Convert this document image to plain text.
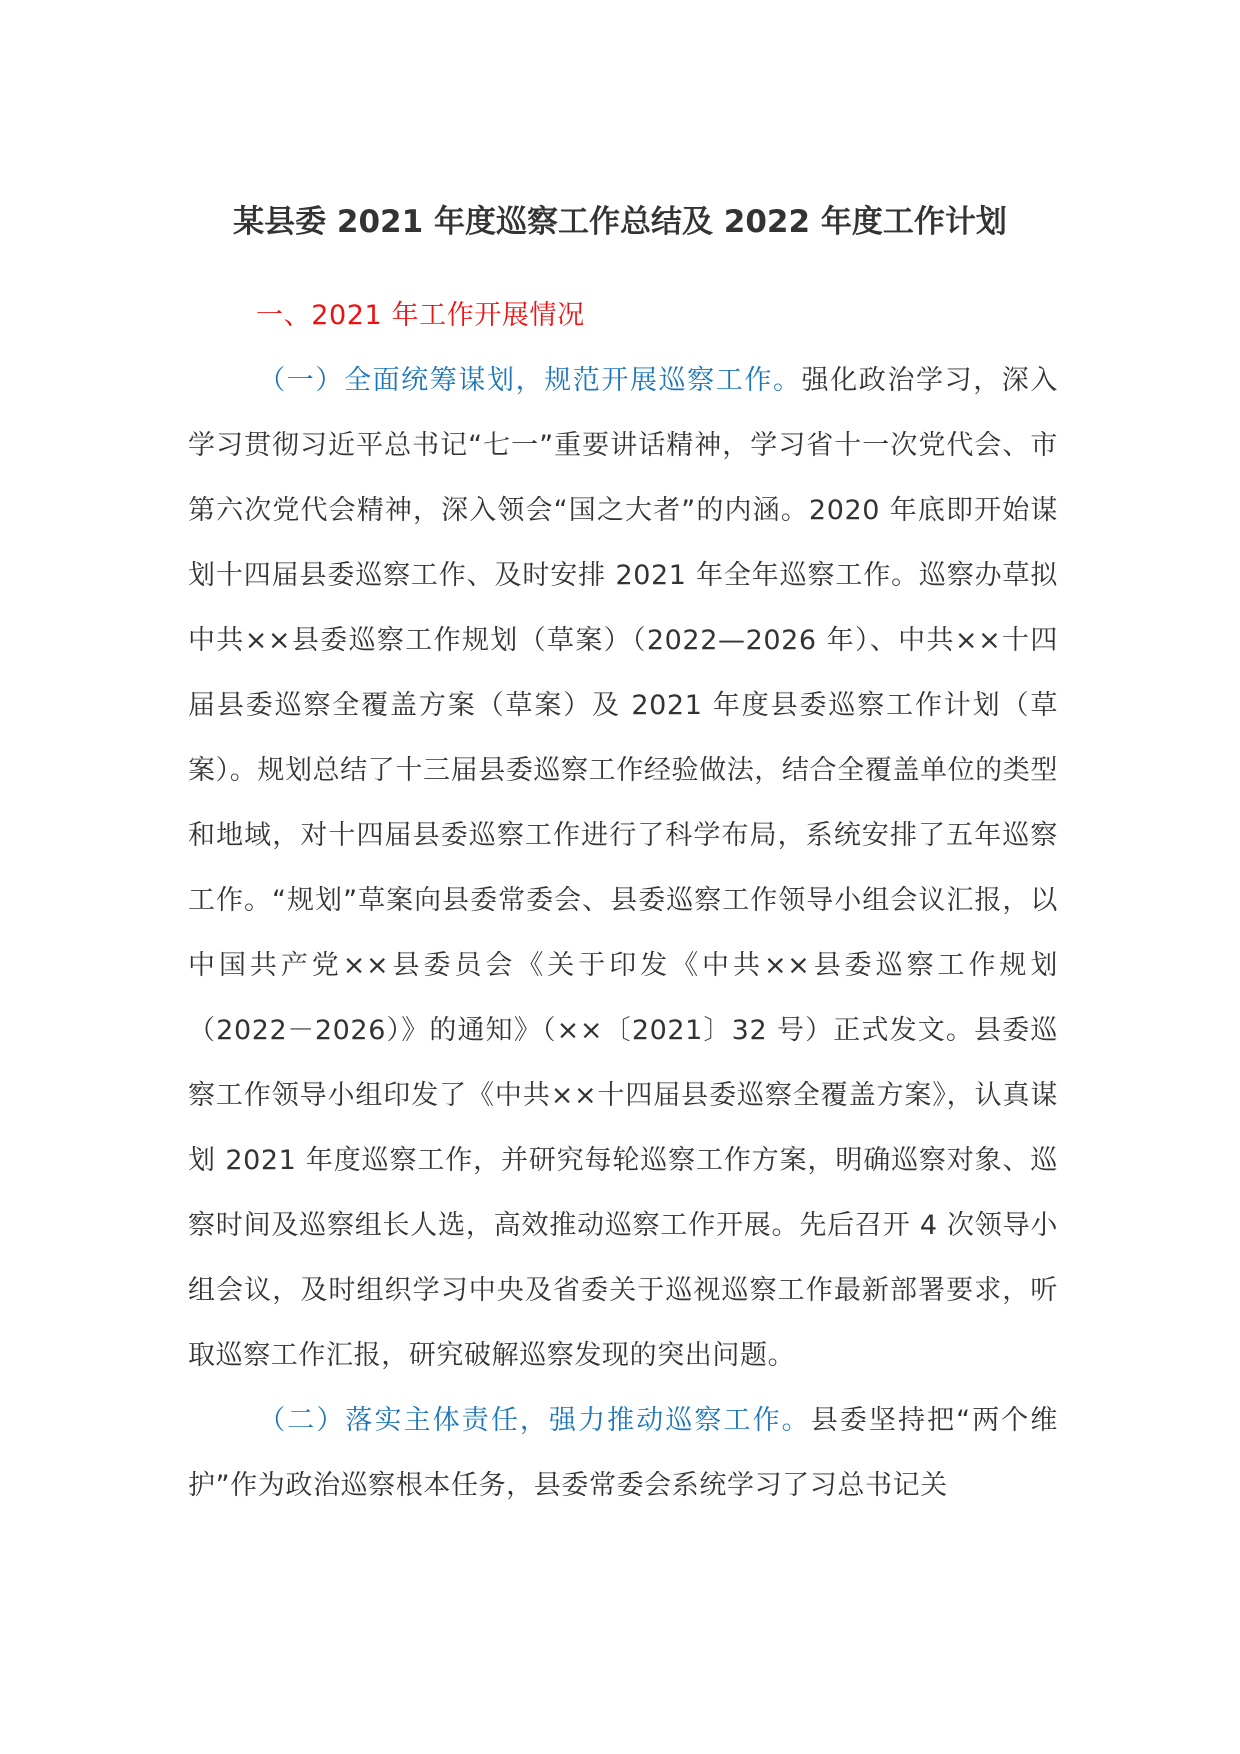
某县委 2021 年度巡察工作总结及 2022 年度工作计划
一、2021 年工作开展情况

（一）全面统筹谋划，规范开展巡察工作。强化政治学习，深入学习贯彻习近平总书记“七一”重要讲话精神，学习省十一次党代会、市第六次党代会精神，深入领会“国之大者”的内涵。2020 年底即开始谋划十四届县委巡察工作、及时安排 2021 年全年巡察工作。巡察办草拟中共××县委巡察工作规划（草案）（2022—2026 年）、中共××十四届县委巡察全覆盖方案（草案）及 2021 年度县委巡察工作计划（草案）。规划总结了十三届县委巡察工作经验做法，结合全覆盖单位的类型和地域，对十四届县委巡察工作进行了科学布局，系统安排了五年巡察工作。“规划”草案向县委常委会、县委巡察工作领导小组会议汇报，以中国共产党××县委员会《关于印发《中共××县委巡察工作规划（2022－2026）》的通知》（××〔2021〕32 号）正式发文。县委巡察工作领导小组印发了《中共××十四届县委巡察全覆盖方案》，认真谋划 2021 年度巡察工作，并研究每轮巡察工作方案，明确巡察对象、巡察时间及巡察组长人选，高效推动巡察工作开展。先后召开 4 次领导小组会议，及时组织学习中央及省委关于巡视巡察工作最新部署要求，听取巡察工作汇报，研究破解巡察发现的突出问题。

（二）落实主体责任，强力推动巡察工作。县委坚持把“两个维护”作为政治巡察根本任务，县委常委会系统学习了习总书记关
